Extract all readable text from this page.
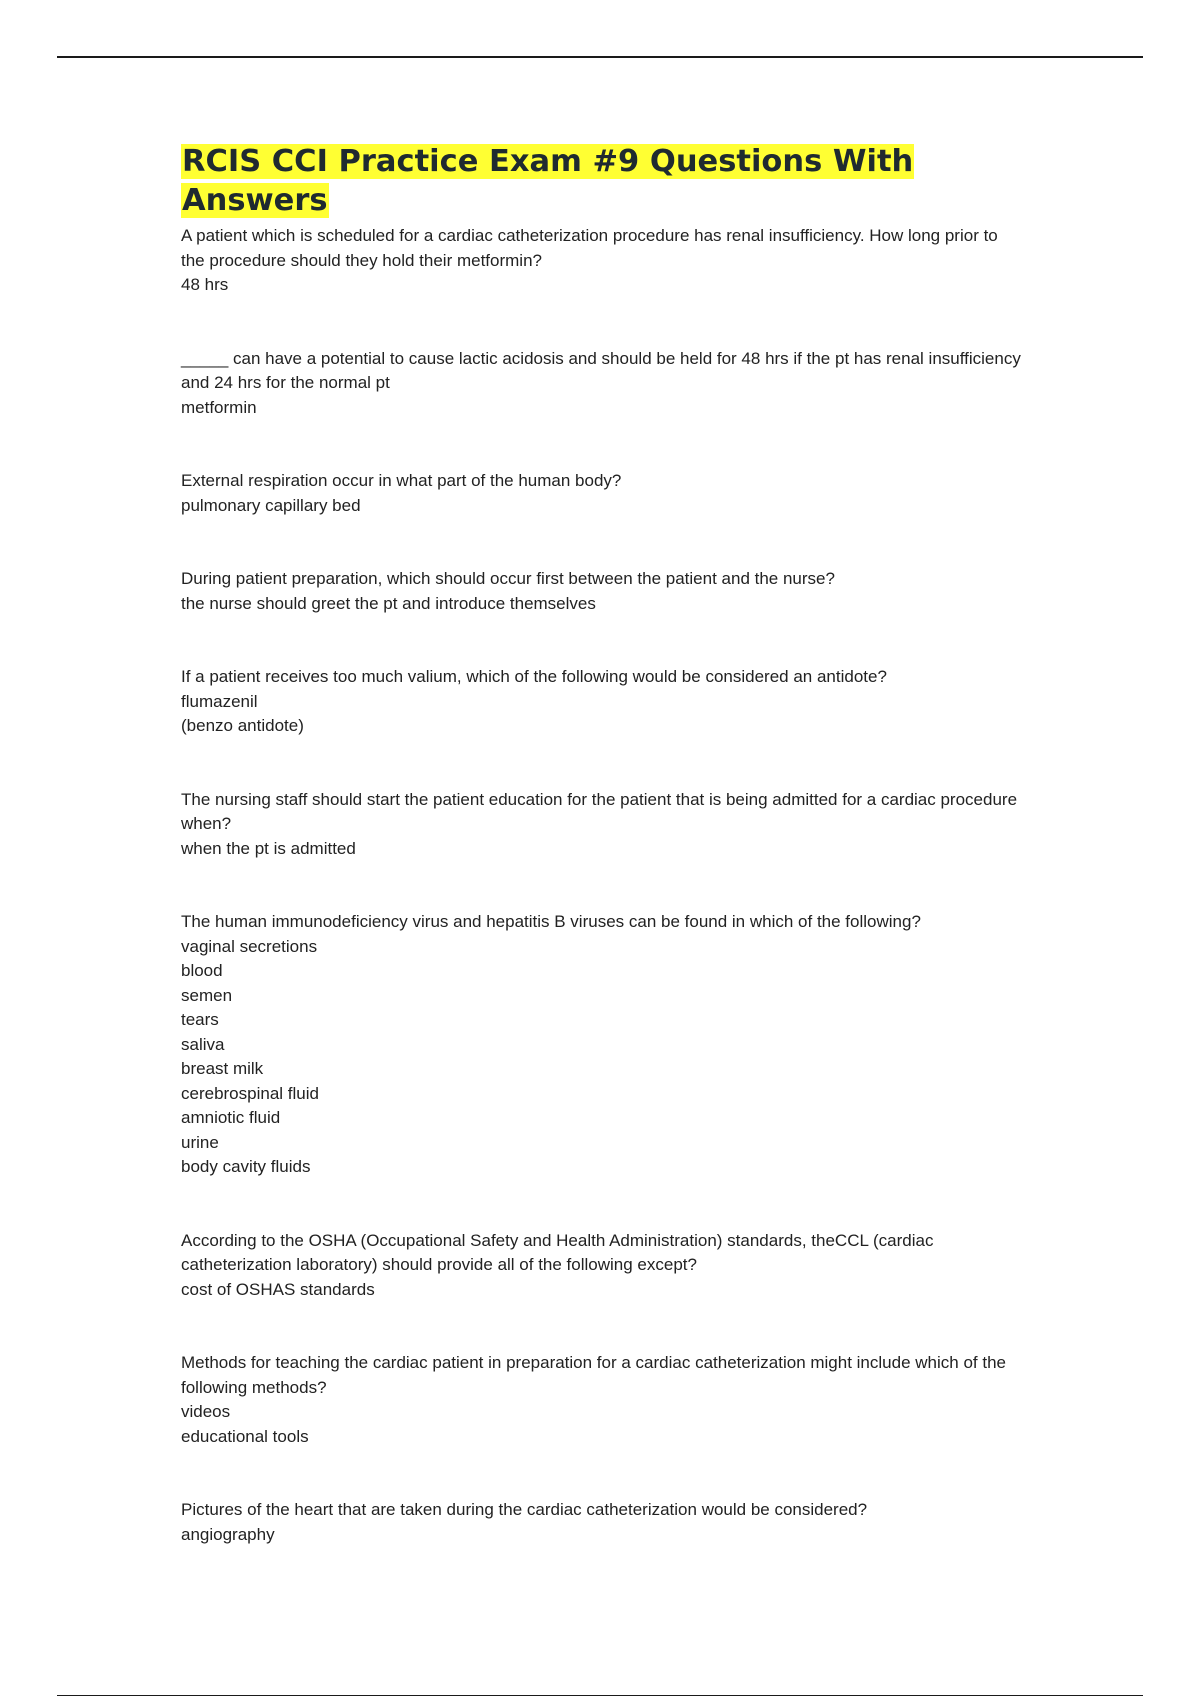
RCIS CCI Practice Exam #9 Questions With Answers

A patient which is scheduled for a cardiac catheterization procedure has renal insufficiency. How long prior to the procedure should they hold their metformin?

48 hrs

_____ can have a potential to cause lactic acidosis and should be held for 48 hrs if the pt has renal insufficiency and 24 hrs for the normal pt

metformin

External respiration occur in what part of the human body?

pulmonary capillary bed

During patient preparation, which should occur first between the patient and the nurse?

the nurse should greet the pt and introduce themselves

If a patient receives too much valium, which of the following would be considered an antidote?

flumazenil

(benzo antidote)

The nursing staff should start the patient education for the patient that is being admitted for a cardiac procedure when?

when the pt is admitted

The human immunodeficiency virus and hepatitis B viruses can be found in which of the following?

vaginal secretions

blood

semen

tears

saliva

breast milk

cerebrospinal fluid

amniotic fluid

urine

body cavity fluids

According to the OSHA (Occupational Safety and Health Administration) standards, theCCL (cardiac catheterization laboratory) should provide all of the following except?

cost of OSHAS standards

Methods for teaching the cardiac patient in preparation for a cardiac catheterization might include which of the following methods?

videos

educational tools

Pictures of the heart that are taken during the cardiac catheterization would be considered?

angiography
